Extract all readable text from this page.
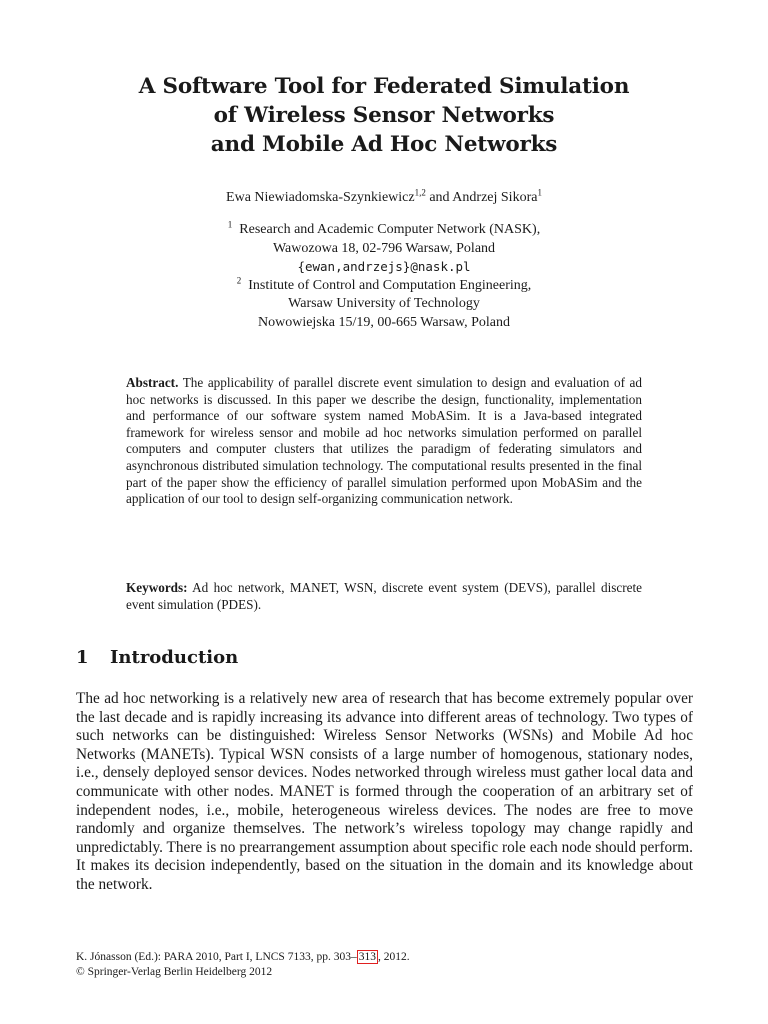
A Software Tool for Federated Simulation
of Wireless Sensor Networks
and Mobile Ad Hoc Networks
Ewa Niewiadomska-Szynkiewicz$^{1,2}$ and Andrzej Sikora$^1$
$^1$ Research and Academic Computer Network (NASK),
Wawozowa 18, 02-796 Warsaw, Poland
{ewan,andrzejs}@nask.pl
$^2$ Institute of Control and Computation Engineering,
Warsaw University of Technology
Nowowiejska 15/19, 00-665 Warsaw, Poland
Abstract. The applicability of parallel discrete event simulation to design and evaluation of ad hoc networks is discussed. In this paper we describe the design, functionality, implementation and performance of our software system named MobASim. It is a Java-based integrated framework for wireless sensor and mobile ad hoc networks simulation performed on parallel computers and computer clusters that utilizes the paradigm of federating simulators and asynchronous distributed simulation technology. The computational results presented in the final part of the paper show the efficiency of parallel simulation performed upon MobASim and the application of our tool to design self-organizing communication network.
Keywords: Ad hoc network, MANET, WSN, discrete event system (DEVS), parallel discrete event simulation (PDES).
1 Introduction
The ad hoc networking is a relatively new area of research that has become extremely popular over the last decade and is rapidly increasing its advance into different areas of technology. Two types of such networks can be distinguished: Wireless Sensor Networks (WSNs) and Mobile Ad hoc Networks (MANETs). Typical WSN consists of a large number of homogenous, stationary nodes, i.e., densely deployed sensor devices. Nodes networked through wireless must gather local data and communicate with other nodes. MANET is formed through the cooperation of an arbitrary set of independent nodes, i.e., mobile, heterogeneous wireless devices. The nodes are free to move randomly and organize themselves. The network’s wireless topology may change rapidly and unpredictably. There is no prearrangement assumption about specific role each node should perform. It makes its decision independently, based on the situation in the domain and its knowledge about the network.
K. Jónasson (Ed.): PARA 2010, Part I, LNCS 7133, pp. 303– 313 , 2012.
© Springer-Verlag Berlin Heidelberg 2012
